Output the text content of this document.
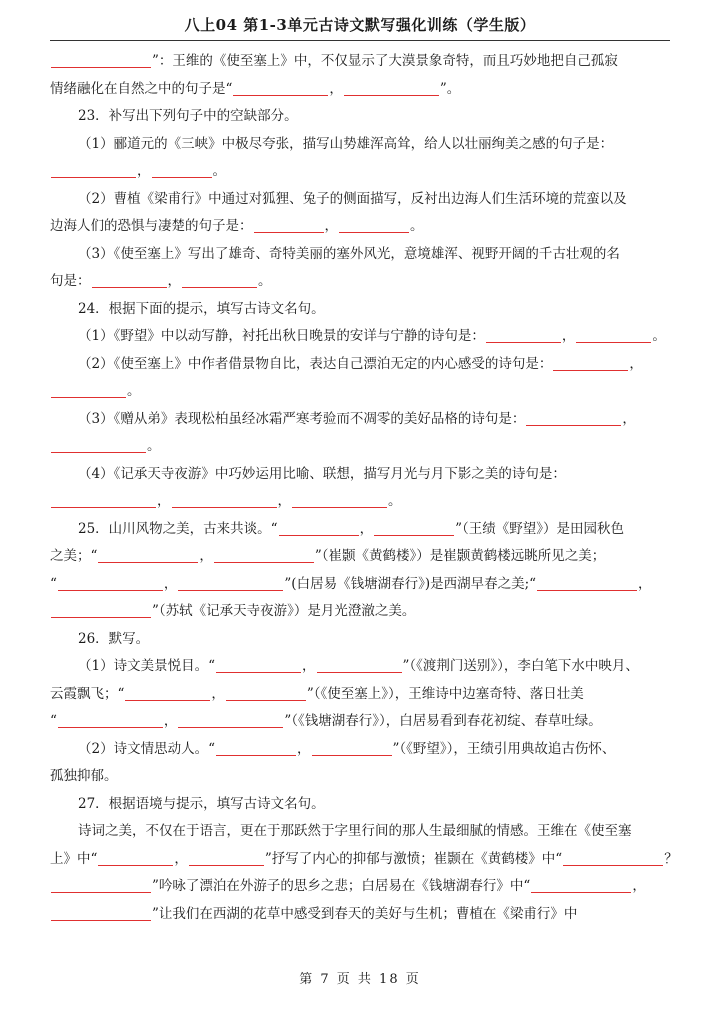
八上04 第1-3单元古诗文默写强化训练（学生版）
”：王维的《使至塞上》中，不仅显示了大漠景象奇特，而且巧妙地把自己孤寂
情绪融化在自然之中的句子是“	，	”。
23．补写出下列句子中的空缺部分。
（1）郦道元的《三峡》中极尽夸张，描写山势雄浑高耸，给人以壮丽绚美之感的句子是：
，	。
（2）曹植《梁甫行》中通过对狐狸、兔子的侧面描写，反衬出边海人们生活环境的荒蛮以及
边海人们的恐惧与凄楚的句子是：	，	。
（3）《使至塞上》写出了雄奇、奇特美丽的塞外风光，意境雄浑、视野开阔的千古壮观的名
句是：	，	。
24．根据下面的提示，填写古诗文名句。
（1）《野望》中以动写静，衬托出秋日晚景的安详与宁静的诗句是：	，	。
（2）《使至塞上》中作者借景物自比，表达自己漂泊无定的内心感受的诗句是：	，
。
（3）《赠从弟》表现松柏虽经冰霜严寒考验而不凋零的美好品格的诗句是：	，
。
（4）《记承天寺夜游》中巧妙运用比喻、联想，描写月光与月下影之美的诗句是：
，	，	。
25．山川风物之美，古来共谈。“	，	”（王绩《野望》）是田园秋色
之美；“	，	”（崔颢《黄鹤楼》）是崔颢黄鹤楼远眺所见之美；
“	，	”(白居易《钱塘湖春行》)是西湖早春之美;“	，
”（苏轼《记承天寺夜游》）是月光澄澈之美。
26．默写。
（1）诗文美景悦目。“	，	”（《渡荆门送别》），李白笔下水中映月、
云霞飘飞；“	，	”（《使至塞上》），王维诗中边塞奇特、落日壮美
“	，	”（《钱塘湖春行》），白居易看到春花初绽、春草吐绿。
（2）诗文情思动人。“	，	”（《野望》），王绩引用典故追古伤怀、
孤独抑郁。
27．根据语境与提示，填写古诗文名句。
诗词之美，不仅在于语言，更在于那跃然于字里行间的那人生最细腻的情感。王维在《使至塞
上》中“	，	”抒写了内心的抑郁与激愤；崔颢在《黄鹤楼》中“	？
”吟咏了漂泊在外游子的思乡之悲；白居易在《钱塘湖春行》中“	，
”让我们在西湖的花草中感受到春天的美好与生机；曹植在《梁甫行》中
第 7 页 共 18 页
